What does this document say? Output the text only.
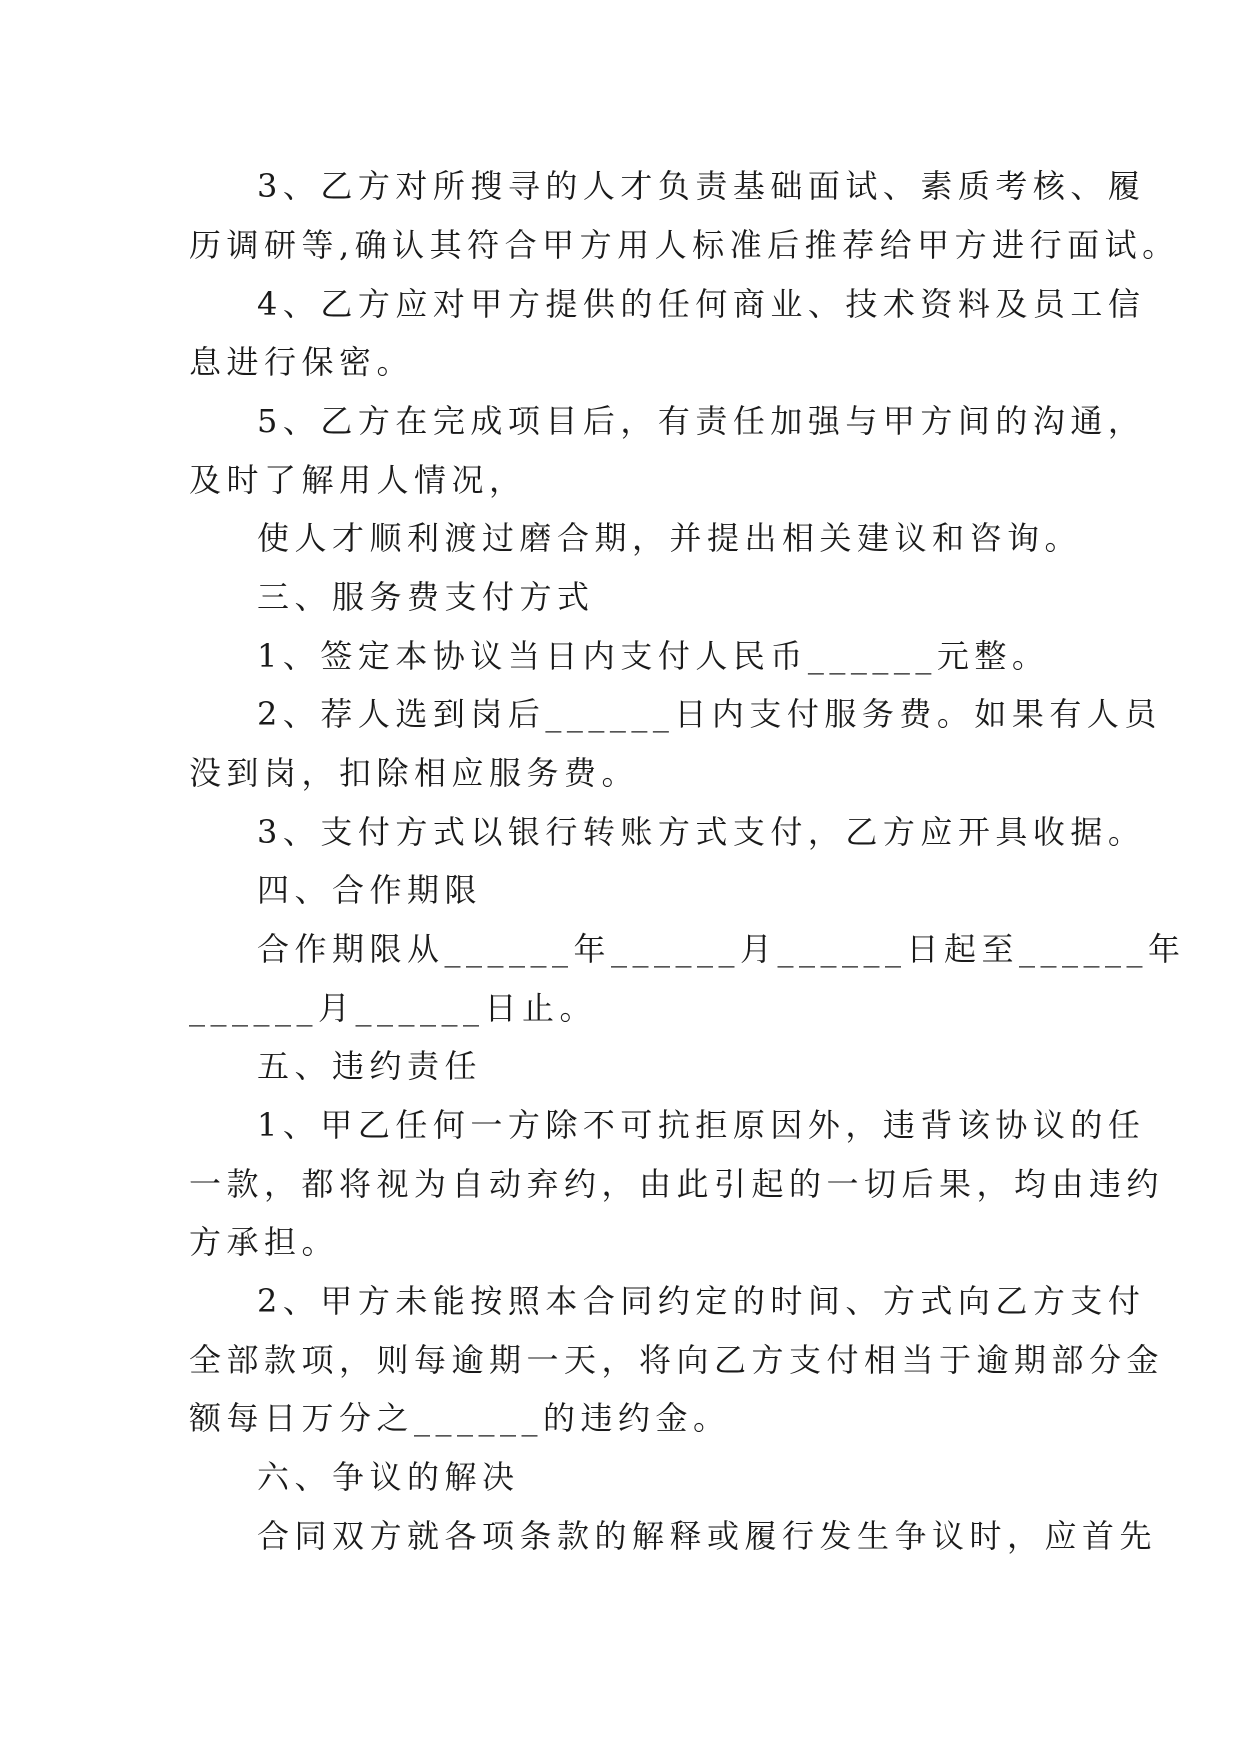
3、乙方对所搜寻的人才负责基础面试、素质考核、履
历调研等,确认其符合甲方用人标准后推荐给甲方进行面试。
4、乙方应对甲方提供的任何商业、技术资料及员工信
息进行保密。
5、乙方在完成项目后，有责任加强与甲方间的沟通，
及时了解用人情况，
使人才顺利渡过磨合期，并提出相关建议和咨询。
三、服务费支付方式
1、签定本协议当日内支付人民币______元整。
2、荐人选到岗后______日内支付服务费。如果有人员
没到岗，扣除相应服务费。
3、支付方式以银行转账方式支付，乙方应开具收据。
四、合作期限
合作期限从______年______月______日起至______年
______月______日止。
五、违约责任
1、甲乙任何一方除不可抗拒原因外，违背该协议的任
一款，都将视为自动弃约，由此引起的一切后果，均由违约
方承担。
2、甲方未能按照本合同约定的时间、方式向乙方支付
全部款项，则每逾期一天，将向乙方支付相当于逾期部分金
额每日万分之______的违约金。
六、争议的解决
合同双方就各项条款的解释或履行发生争议时，应首先
